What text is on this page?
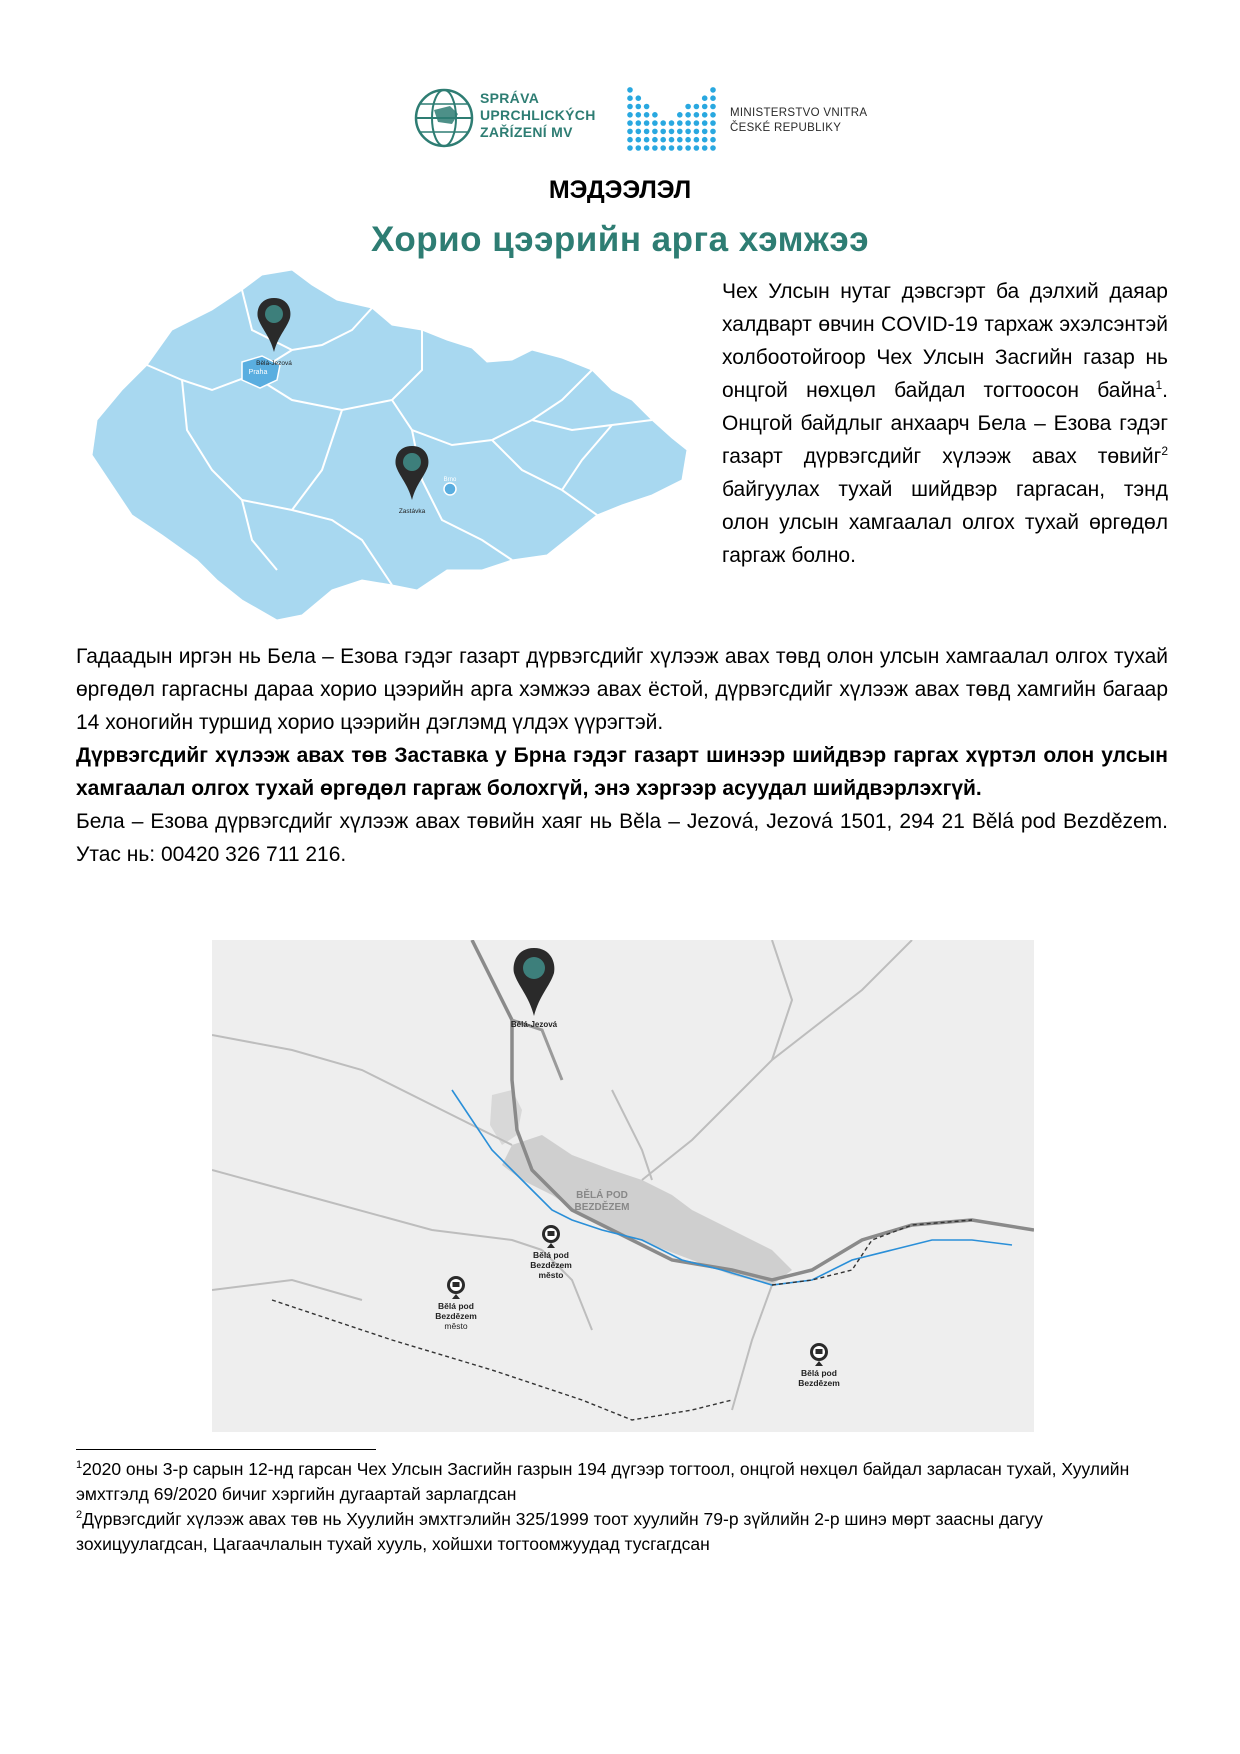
SPRÁVA
UPRCHLICKÝCH
ZAŘÍZENÍ MV
MINISTERSTVO VNITRA
ČESKÉ REPUBLIKY
МЭДЭЭЛЭЛ
Хорио цээрийн арга хэмжээ
Praha
Brno
Bělá-Jezová
Zastávka
Чех Улсын нутаг дэвсгэрт ба дэлхий даяар халдварт өвчин COVID-19 тархаж эхэлсэнтэй холбоотойгоор Чех Улсын Засгийн газар нь онцгой нөхцөл байдал тогтоосон байна$^1$. Онцгой байдлыг анхаарч Бела – Езова гэдэг газарт дүрвэгсдийг хүлээж авах төвийг$^2$ байгуулах тухай шийдвэр гаргасан, тэнд олон улсын хамгаалал олгох тухай өргөдөл гаргаж болно.

Гадаадын иргэн нь Бела – Езова гэдэг газарт дүрвэгсдийг хүлээж авах төвд олон улсын хамгаалал олгох тухай өргөдөл гаргасны дараа хорио цээрийн арга хэмжээ авах ёстой, дүрвэгсдийг хүлээж авах төвд хамгийн багаар 14 хоногийн туршид хорио цээрийн дэглэмд үлдэх үүрэгтэй.

Дүрвэгсдийг хүлээж авах төв Заставка у Брна гэдэг газарт шинээр шийдвэр гаргах хүртэл олон улсын хамгаалал олгох тухай өргөдөл гаргаж болохгүй, энэ хэргээр асуудал шийдвэрлэхгүй.

Бела – Езова дүрвэгсдийг хүлээж авах төвийн хаяг нь Bělа – Jezová, Jezová 1501, 294 21 Bělá pod Bezdězem. Утас нь: 00420 326 711 216.

BĚLÁ POD
BEZDĚZEM
Bělá-Jezová
Bělá pod
Bezdězem
město
Bělá pod
Bezdězem
město
Bělá pod
Bezdězem

$^1$2020 оны 3-р сарын 12-нд гарсан Чех Улсын Засгийн газрын 194 дүгээр тогтоол, онцгой нөхцөл байдал зарласан тухай, Хуулийн эмхтгэлд 69/2020 бичиг хэргийн дугаартай зарлагдсан

$^2$Дүрвэгсдийг хүлээж авах төв нь Хуулийн эмхтгэлийн 325/1999 тоот хуулийн 79-р зүйлийн 2-р шинэ мөрт заасны дагуу зохицуулагдсан, Цагаачлалын тухай хууль, хойшхи тогтоомжуудад тусгагдсан
